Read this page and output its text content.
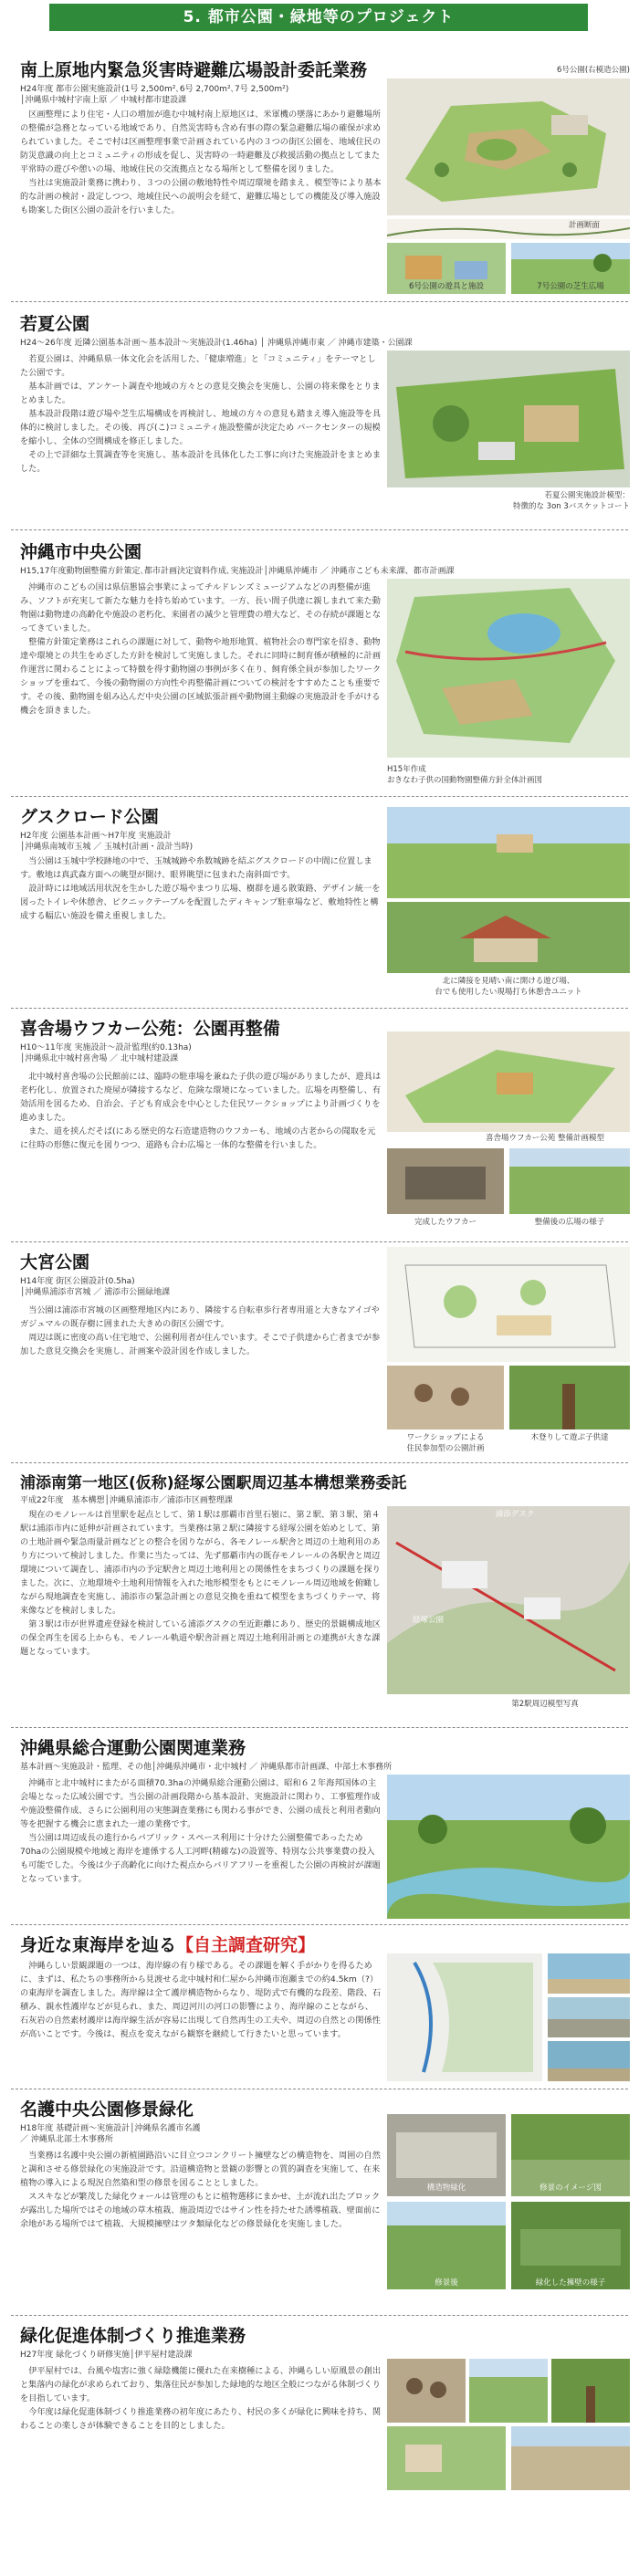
5. 都市公園・緑地等のプロジェクト
南上原地内緊急災害時避難広場設計委託業務
H24年度 都市公園実施設計(1号 2,500m²､6号 2,700m²､7号 2,500m²)
│沖縄県中城村字南上原 ／ 中城村都市建設課

区画整理により住宅・人口の増加が進む中城村南上原地区は、米軍機の墜落にあかり避難場所の整備が急務となっている地域であり、自然災害時も含め有事の際の緊急避難広場の確保が求められていました。そこで村は区画整理事業で計画されている内の３つの街区公園を、地域住民の防災意識の向上とコミュニティの形成を促し、災害時の一時避難及び救援活動の拠点としてまた平常時の遊びや憩いの場、地域住民の交流拠点となる場所として整備を図りました。

当社は実施設計業務に携わり、３つの公園の敷地特性や周辺環境を踏まえ、模型等により基本的な計画の検討・設定しつつ、地域住民への説明会を経て、避難広場としての機能及び導入施設も勘案した街区公園の設計を行いました。

6号公園(右模造公園)
計画断面
6号公園の遊具と施設	7号公園の芝生広場
若夏公園
H24～26年度 近隣公園基本計画～基本設計～実施設計(1.46ha) │ 沖縄県沖縄市東 ／ 沖縄市建築・公園課

若夏公園は、沖縄県県一体文化会を活用した、「健康増進」と「コミュニティ」をテーマとした公園です。

基本計画では、アンケート調査や地域の方々との意見交換会を実施し、公園の将来像をとりまとめました。

基本設計段階は遊び場や芝生広場構成を再検討し、地域の方々の意見も踏まえ導入施設等を具体的に検討しました。その後、再び(こ)コミュニティ施設整備が決定ため パークセンターの規模を縮小し、全体の空間構成を修正しました。

その上で詳細な土質調査等を実施し、基本設計を具体化した工事に向けた実施設計をまとめました。

若夏公園実施設計模型：
特徴的な 3on 3バスケットコート
沖縄市中央公園
H15,17年度動物園整備方針策定､都市計画決定資料作成､実施設計│沖縄県沖縄市 ／ 沖縄市こども未来課、都市計画課

沖縄市のこどもの国は県信懇協会事業によってチルドレンズミュージアムなどの再整備が進み、ソフトが充実して新たな魅力を持ち始めています。一方、長い間子供達に親しまれて来た動物園は動物達の高齢化や施設の老朽化、来園者の減少と管理費の増大など、その存続が課題となってきていました。

整備方針策定業務はこれらの課題に対して、動物や地形地質、植物社会の専門家を招き、動物達や環境との共生をめざした方針を検討して実施しました。それに同時に飼育係が積極的に計画作運営に関わることによって特徴を得す動物園の事例が多く在り、飼育係全員が参加したワークショップを重ねて、今後の動物園の方向性や再整備計画についての検討をすすめたことも重要です。その後、動物園を組み込んだ中央公園の区域拡張計画や動物園主動線の実施設計を手がける機会を頂きました。

H15年作成
おきなわ子供の国動物園整備方針全体計画図
グスクロード公園
H2年度 公園基本計画～H7年度 実施設計
│沖縄県南城市玉城 ／ 玉城村(計画・設計当時)

当公園は玉城中学校跡地の中で、玉城城跡や糸数城跡を結ぶグスクロードの中間に位置します。敷地は真武森方面への眺望が開け、眼界眺望に包まれた南斜面です。

設計時には地域活用状況を生かした遊び場やまつり広場、樹群を通る散策路、デザイン統一を図ったトイレや休憩舎、ピクニックテーブルを配置したディキャンプ駐車場など、敷地特性と構成する幅広い施設を備え重視しました。

北に隣接を見晴い南に開ける遊び場、
台でも使用したい現場打ち休憩舎ユニット
喜舎場ウフカー公苑：公園再整備
H10～11年度 実施設計～設計監理(約0.13ha)
│沖縄県北中城村喜舎場 ／ 北中城村建設課

北中城村喜舎場の公民館前には、臨時の駐車場を兼ねた子供の遊び場がありましたが、遊具は老朽化し、放置された廃屋が隣接するなど、危険な環境になっていました。広場を再整備し、有効活用を図るため、自治会、子ども育成会を中心とした住民ワークショップにより計画づくりを進めました。

また、道を挟んだそば(にある歴史的な石造建造物のウフカーも、地域の古老からの聞取を元に往時の形態に復元を図りつつ、道路も合わ広場と一体的な整備を行いました。

喜舎場ウフカー公苑 整備計画模型
完成したウフカー	整備後の広場の様子
大宮公園
H14年度 街区公園設計(0.5ha)
│沖縄県浦添市宮城 ／ 浦添市公園緑地課

当公園は浦添市宮城の区画整理地区内にあり、隣接する自転車歩行者専用道と大きなアイゴやガジュマルの既存樹に囲まれた大きめの街区公園です。

周辺は既に密度の高い住宅地で、公園利用者が住んでいます。そこで子供達から亡者までが参加した意見交換会を実施し、計画案や設計図を作成しました。

ワークショップによる
住民参加型の公園計画
木登りして遊ぶ子供達
浦添南第一地区(仮称)経塚公園駅周辺基本構想業務委託
平成22年度　基本構想│沖縄県浦添市／浦添市区画整理課

現在のモノレールは首里駅を起点として、第１駅は那覇市首里石嶺に、第２駅、第３駅、第４駅は浦添市内に延伸が計画されています。当業務は第２駅に隣接する経塚公園を始めとして、第の土地計画や緊急雨量計画などとの整合を図りながら、各モノレール駅舎と周辺の土地利用のあり方について検討しました。作業に当たっては、先ず那覇市内の既存モノレールの各駅舎と周辺環境について調査し、浦添市内の予定駅舎と周辺土地利用との関係性をまちづくりの課題を探りました。次に、立地環境や土地利用情報を入れた地形模型をもとにモノレール周辺地域を俯瞰しながら現地調査を実施し、浦添市の緊急計画との意見交換を重ねて模型をまちづくりテーマ、将来像などを検討しました。

第３駅は市が世界遺産登録を検討している浦添グスクの至近距離にあり、歴史的景観構成地区の保全再生を図る上からも、モノレール軌道や駅舎計画と周辺土地利用計画との連携が大きな課題となっています。

浦添グスク
経塚公園
第2駅周辺模型写真
沖縄県総合運動公園関連業務
基本計画～実施設計・監理、その他│沖縄県沖縄市・北中城村 ／ 沖縄県都市計画課、中部土木事務所

沖縄市と北中城村にまたがる面積70.3haの沖縄県総合運動公園は、昭和６２年海邦国体の主会場となった広域公園です。当公園の計画段階から基本設計、実施設計に関わり、工事監理作成や施設整備作成、さらに公園利用の実態調査業務にも関わる事ができ、公園の成長と利用者動向等を把握する機会に恵まれた一連の業務です。

当公園は周辺成長の進行からパブリック・スペース利用に十分けた公園整備であったため70haの公園規模や地域と海岸を連係する人工河畔(精確な)の設置等、特別な公共事業費の投入も可能でした。今後は少子高齢化に向けた視点からバリアフリーを重視した公園の再検討が課題となっています。

身近な東海岸を辿る【自主調査研究】

沖縄らしい景観課題の一つは、海岸線の有り様である。その課題を解く手がかりを得るために、まずは、私たちの事務所から見渡せる北中城村和仁屋から沖縄市泡瀬までの約4.5km（?）の東海岸を調査しました。海岸線は全て護岸構造物からなり、堤防式で有機的な段差、階段、石積み、親水性護岸などが見られ、また、周辺河川の河口の影響により、海岸線のことながら、石灰岩の自然素材護岸は海岸線生活が容易に出現して自然再生の工夫や、周辺の自然との関係性が高いことです。今後は、視点を変えながら観察を継続して行きたいと思っています。

名護中央公園修景緑化
H18年度 基礎計画～実施設計│沖縄県名護市名護
／ 沖縄県北部土木事務所

当業務は名護中央公園の新植園路沿いに目立つコンクリート擁壁などの構造物を、周囲の自然と調和させる修景緑化の実施設計です。沿道構造物と景観の影響との質的調査を実施して、在来植物の導入による現況自然築和型の修景を図ることとしました。

ススキなどが繁茂した緑化ウォールは管理のもとに植物選移にまかせ、土が流れ出たブロックが露出した場所ではその地域の草木植栽、施設周辺ではサイン性を持たせた誘導植栽、壁面前に余地がある場所ではて植栽、大規模擁壁はツタ類緑化などの修景緑化を実施しました。

構造物緑化	修景のイメージ図
修景後	緑化した擁壁の様子
緑化促進体制づくり推進業務
H27年度 緑化づくり研修実施│伊平屋村建設課

伊平屋村では、台風や塩害に強く緑陰機能に優れた在来樹種による、沖縄らしい原風景の創出と集落内の緑化が求められており、集落住民が参加した緑地的な地区全般につながる体制づくりを目指しています。

今年度は緑化促進体制づくり推進業務の初年度にあたり、村民の多くが緑化に興味を持ち、関わることの楽しさが体験できることを目的としました。
